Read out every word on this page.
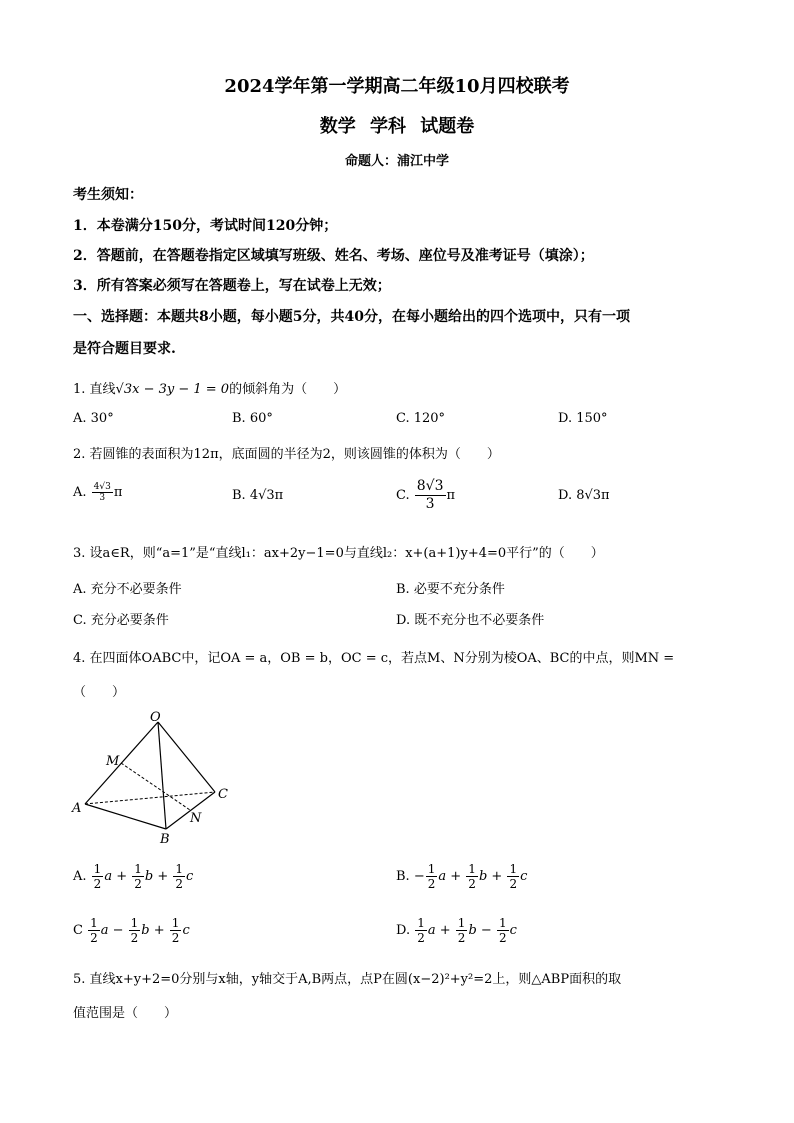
2024学年第一学期高二年级10月四校联考
数学 学科 试题卷
命题人：浦江中学
考生须知：
1．本卷满分150分，考试时间120分钟；
2．答题前，在答题卷指定区域填写班级、姓名、考场、座位号及准考证号（填涂）；
3．所有答案必须写在答题卷上，写在试卷上无效；
一、选择题：本题共8小题，每小题5分，共40分，在每小题给出的四个选项中，只有一项
是符合题目要求.
1. 直线√3x − 3y − 1 = 0的倾斜角为（　　）
A. 30°	B. 60°	C. 120°	D. 150°
2. 若圆锥的表面积为12π，底面圆的半径为2，则该圆锥的体积为（　　）
A. $\frac{4√3}{3}$ π	B. 4√3π	C. $\frac{8√3}{3}$ π	D. 8√3π
3. 设a∈R，则“a=1”是“直线l₁：ax+2y−1=0与直线l₂：x+(a+1)y+4=0平行”的（　　）
A. 充分不必要条件	B. 必要不充分条件
C. 充分必要条件	D. 既不充分也不必要条件
4. 在四面体OABC中，记OA = a，OB = b，OC = c，若点M、N分别为棱OA、BC的中点，则MN =
（　　）
O
M
A
B
C
N
A. $\frac{1}{2}$ $a + \frac{1}{2}$ $b + \frac{1}{2}$ c	B. − $\frac{1}{2}$ $a + \frac{1}{2}$ $b + \frac{1}{2}$ c
C $\frac{1}{2}$ $a - \frac{1}{2}$ $b + \frac{1}{2}$ c	D. $\frac{1}{2}$ $a + \frac{1}{2}$ $b - \frac{1}{2}$ c
5. 直线x+y+2=0分别与x轴，y轴交于A,B两点，点P在圆(x−2)²+y²=2上，则△ABP面积的取
值范围是（　　）
